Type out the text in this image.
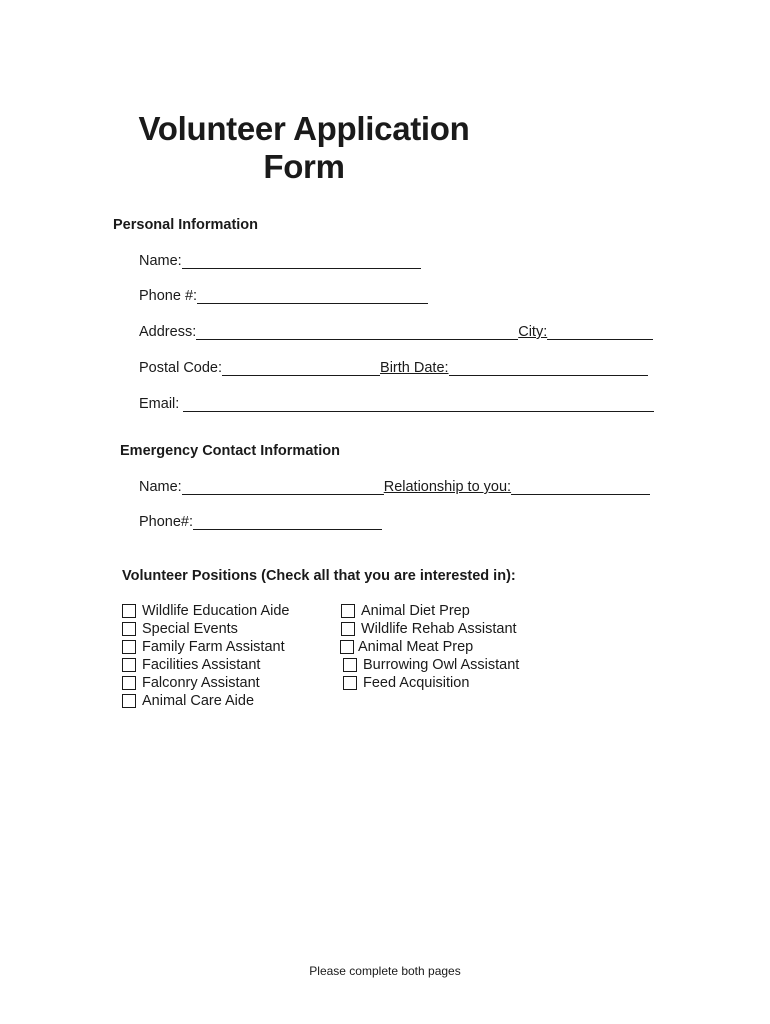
Volunteer Application
Form
Personal Information
Name:
Phone #:
Address:	City:
Postal Code:	Birth Date:
Email:
Emergency Contact Information
Name:	Relationship to you:
Phone#:
Volunteer Positions (Check all that you are interested in):
Wildlife Education Aide
Special Events
Family Farm Assistant
Facilities Assistant
Falconry Assistant
Animal Care Aide
Animal Diet Prep
Wildlife Rehab Assistant
Animal Meat Prep
Burrowing Owl Assistant
Feed Acquisition
Please complete both pages
